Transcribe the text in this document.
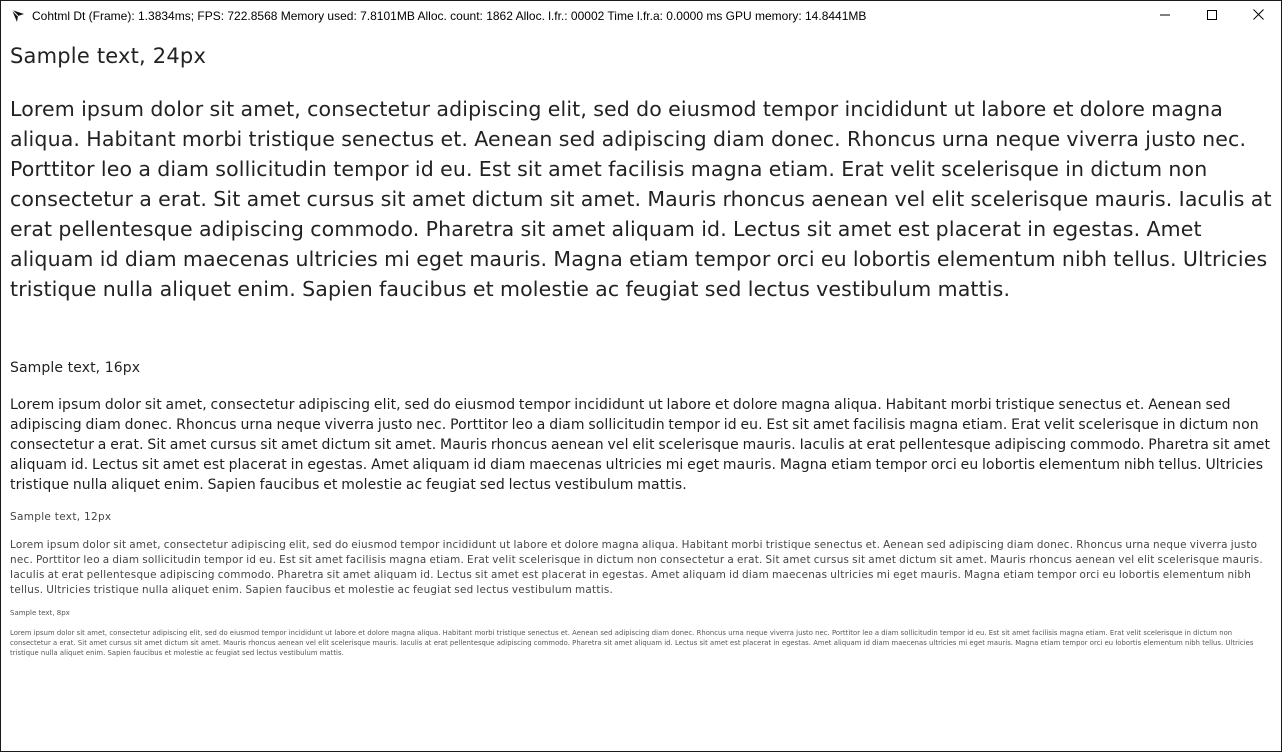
Cohtml Dt (Frame): 1.3834ms; FPS: 722.8568 Memory used: 7.8101MB Alloc. count: 1862 Alloc. l.fr.: 00002 Time l.fr.a: 0.0000 ms GPU memory: 14.8441MB

Sample text, 24px

Lorem ipsum dolor sit amet, consectetur adipiscing elit, sed do eiusmod tempor incididunt ut labore et dolore magna aliqua. Habitant morbi tristique senectus et. Aenean sed adipiscing diam donec. Rhoncus urna neque viverra justo nec. Porttitor leo a diam sollicitudin tempor id eu. Est sit amet facilisis magna etiam. Erat velit scelerisque in dictum non consectetur a erat. Sit amet cursus sit amet dictum sit amet. Mauris rhoncus aenean vel elit scelerisque mauris. Iaculis at erat pellentesque adipiscing commodo. Pharetra sit amet aliquam id. Lectus sit amet est placerat in egestas. Amet aliquam id diam maecenas ultricies mi eget mauris. Magna etiam tempor orci eu lobortis elementum nibh tellus. Ultricies tristique nulla aliquet enim. Sapien faucibus et molestie ac feugiat sed lectus vestibulum mattis.

Sample text, 16px

Lorem ipsum dolor sit amet, consectetur adipiscing elit, sed do eiusmod tempor incididunt ut labore et dolore magna aliqua. Habitant morbi tristique senectus et. Aenean sed adipiscing diam donec. Rhoncus urna neque viverra justo nec. Porttitor leo a diam sollicitudin tempor id eu. Est sit amet facilisis magna etiam. Erat velit scelerisque in dictum non consectetur a erat. Sit amet cursus sit amet dictum sit amet. Mauris rhoncus aenean vel elit scelerisque mauris. Iaculis at erat pellentesque adipiscing commodo. Pharetra sit amet aliquam id. Lectus sit amet est placerat in egestas. Amet aliquam id diam maecenas ultricies mi eget mauris. Magna etiam tempor orci eu lobortis elementum nibh tellus. Ultricies tristique nulla aliquet enim. Sapien faucibus et molestie ac feugiat sed lectus vestibulum mattis.

Sample text, 12px

Lorem ipsum dolor sit amet, consectetur adipiscing elit, sed do eiusmod tempor incididunt ut labore et dolore magna aliqua. Habitant morbi tristique senectus et. Aenean sed adipiscing diam donec. Rhoncus urna neque viverra justo nec. Porttitor leo a diam sollicitudin tempor id eu. Est sit amet facilisis magna etiam. Erat velit scelerisque in dictum non consectetur a erat. Sit amet cursus sit amet dictum sit amet. Mauris rhoncus aenean vel elit scelerisque mauris. Iaculis at erat pellentesque adipiscing commodo. Pharetra sit amet aliquam id. Lectus sit amet est placerat in egestas. Amet aliquam id diam maecenas ultricies mi eget mauris. Magna etiam tempor orci eu lobortis elementum nibh tellus. Ultricies tristique nulla aliquet enim. Sapien faucibus et molestie ac feugiat sed lectus vestibulum mattis.

Sample text, 8px

Lorem ipsum dolor sit amet, consectetur adipiscing elit, sed do eiusmod tempor incididunt ut labore et dolore magna aliqua. Habitant morbi tristique senectus et. Aenean sed adipiscing diam donec. Rhoncus urna neque viverra justo nec. Porttitor leo a diam sollicitudin tempor id eu. Est sit amet facilisis magna etiam. Erat velit scelerisque in dictum non consectetur a erat. Sit amet cursus sit amet dictum sit amet. Mauris rhoncus aenean vel elit scelerisque mauris. Iaculis at erat pellentesque adipiscing commodo. Pharetra sit amet aliquam id. Lectus sit amet est placerat in egestas. Amet aliquam id diam maecenas ultricies mi eget mauris. Magna etiam tempor orci eu lobortis elementum nibh tellus. Ultricies tristique nulla aliquet enim. Sapien faucibus et molestie ac feugiat sed lectus vestibulum mattis.
